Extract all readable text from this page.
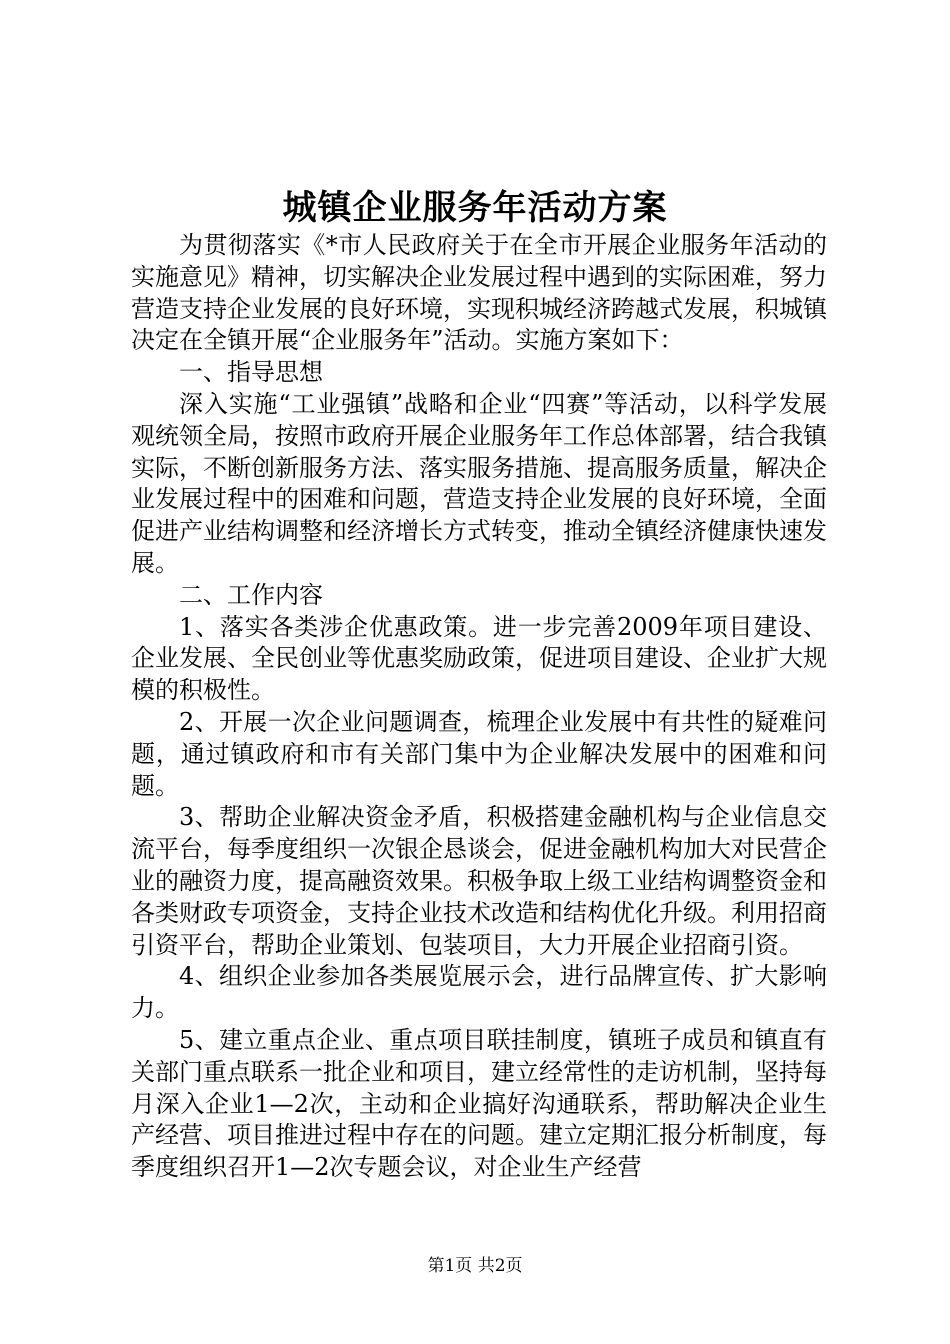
城镇企业服务年活动方案

为贯彻落实《*市人民政府关于在全市开展企业服务年活动的实施意见》精神，切实解决企业发展过程中遇到的实际困难，努力营造支持企业发展的良好环境，实现积城经济跨越式发展，积城镇决定在全镇开展“企业服务年”活动。实施方案如下：

一、指导思想

深入实施“工业强镇”战略和企业“四赛”等活动，以科学发展观统领全局，按照市政府开展企业服务年工作总体部署，结合我镇实际，不断创新服务方法、落实服务措施、提高服务质量，解决企业发展过程中的困难和问题，营造支持企业发展的良好环境，全面促进产业结构调整和经济增长方式转变，推动全镇经济健康快速发展。

二、工作内容

1、落实各类涉企优惠政策。进一步完善2009年项目建设、企业发展、全民创业等优惠奖励政策，促进项目建设、企业扩大规模的积极性。

2、开展一次企业问题调查，梳理企业发展中有共性的疑难问题，通过镇政府和市有关部门集中为企业解决发展中的困难和问题。

3、帮助企业解决资金矛盾，积极搭建金融机构与企业信息交流平台，每季度组织一次银企恳谈会，促进金融机构加大对民营企业的融资力度，提高融资效果。积极争取上级工业结构调整资金和各类财政专项资金，支持企业技术改造和结构优化升级。利用招商引资平台，帮助企业策划、包装项目，大力开展企业招商引资。

4、组织企业参加各类展览展示会，进行品牌宣传、扩大影响力。

5、建立重点企业、重点项目联挂制度，镇班子成员和镇直有关部门重点联系一批企业和项目，建立经常性的走访机制，坚持每月深入企业1—2次，主动和企业搞好沟通联系，帮助解决企业生产经营、项目推进过程中存在的问题。建立定期汇报分析制度，每季度组织召开1—2次专题会议，对企业生产经营

第1页 共2页
